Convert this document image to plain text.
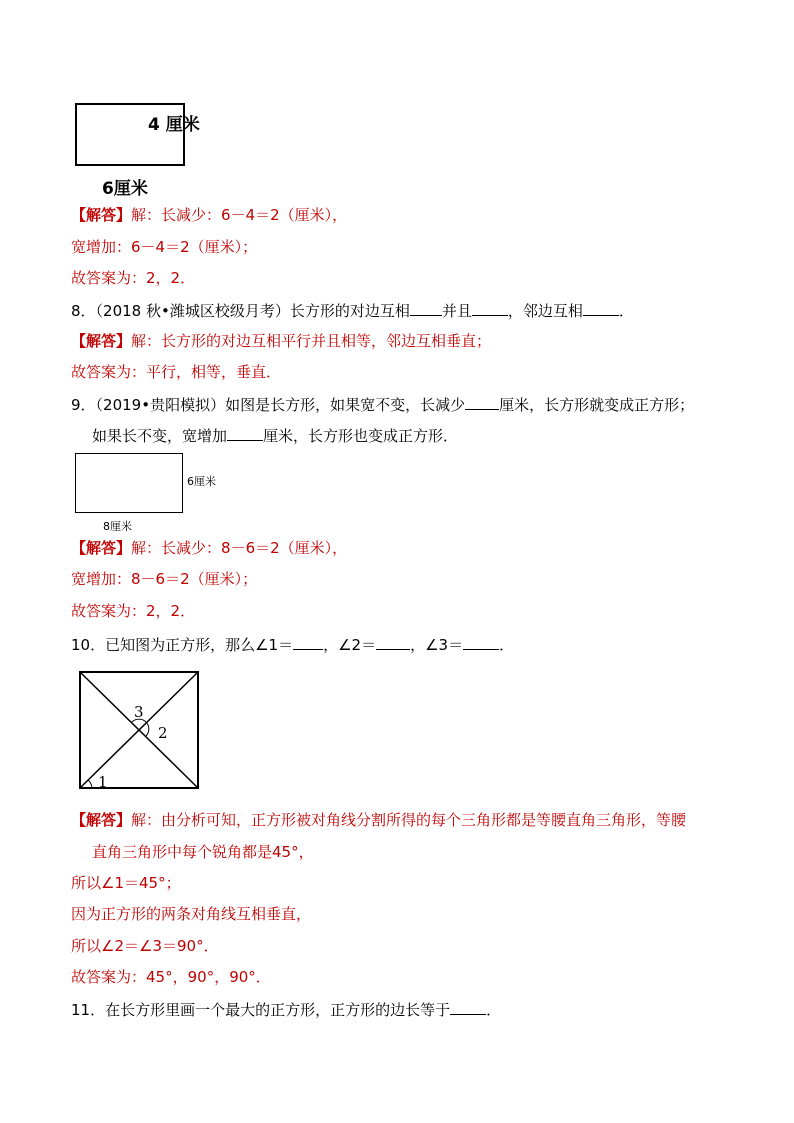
4 厘米
6厘米
【解答】解：长减少：6－4＝2（厘米），
宽增加：6－4＝2（厘米）；
故答案为：2，2．
8．（2018 秋•潍城区校级月考）长方形的对边互相 并且 ，邻边互相 ．
【解答】解：长方形的对边互相平行并且相等，邻边互相垂直；
故答案为：平行，相等，垂直．
9．（2019•贵阳模拟）如图是长方形，如果宽不变，长减少 厘米，长方形就变成正方形；
如果长不变，宽增加 厘米，长方形也变成正方形．
6厘米
8厘米
【解答】解：长减少：8－6＝2（厘米），
宽增加：8－6＝2（厘米）；
故答案为：2，2．
10．已知图为正方形，那么∠1＝ ，∠2＝ ，∠3＝ ．
1
2
3
【解答】解：由分析可知，正方形被对角线分割所得的每个三角形都是等腰直角三角形，等腰
直角三角形中每个锐角都是45°，
所以∠1＝45°；
因为正方形的两条对角线互相垂直，
所以∠2＝∠3＝90°．
故答案为：45°，90°，90°．
11．在长方形里画一个最大的正方形，正方形的边长等于 ．
